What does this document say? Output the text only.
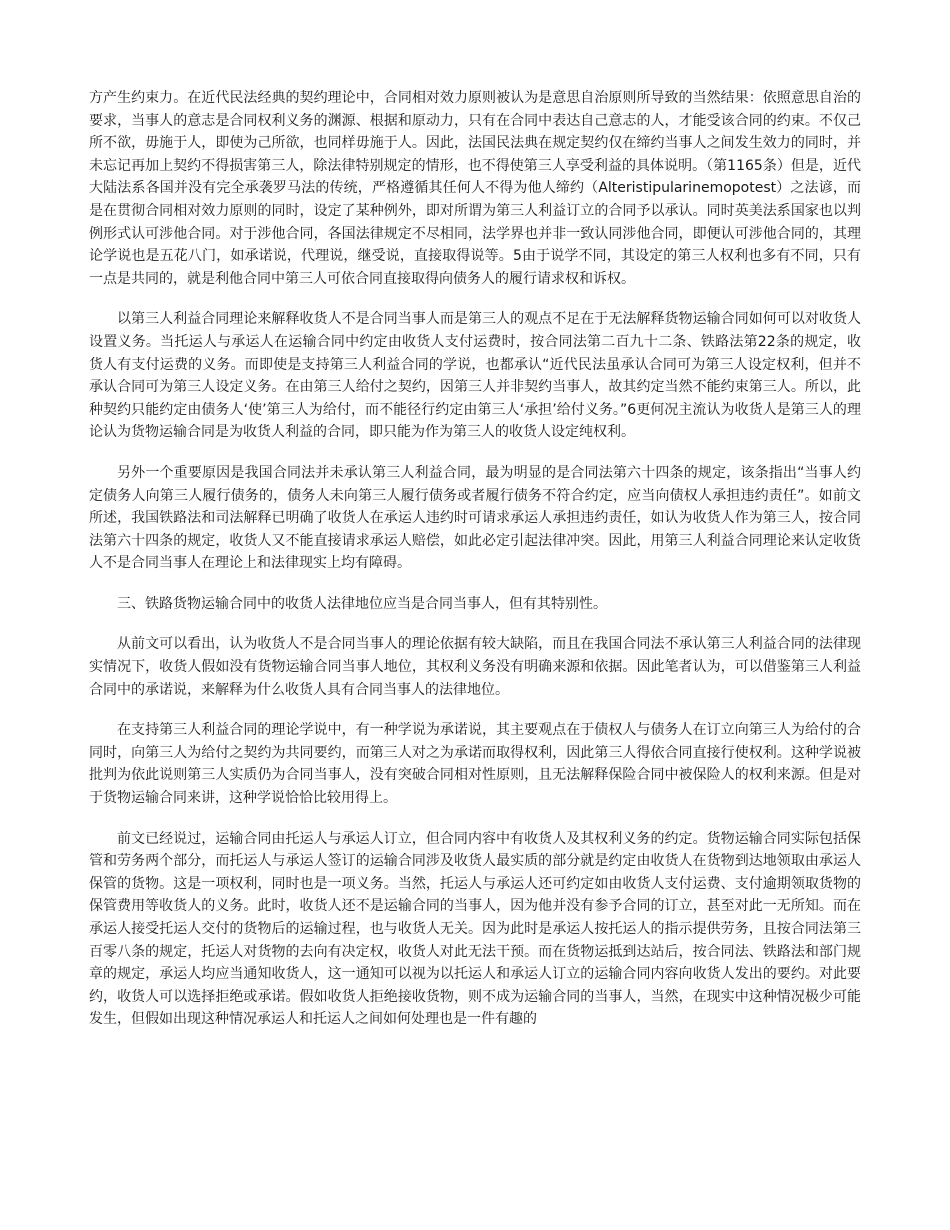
方产生约束力。在近代民法经典的契约理论中，合同相对效力原则被认为是意思自治原则所导致的当然结果：依照意思自治的要求，当事人的意志是合同权利义务的渊源、根据和原动力，只有在合同中表达自己意志的人，才能受该合同的约束。不仅己所不欲，毋施于人，即使为己所欲，也同样毋施于人。因此，法国民法典在规定契约仅在缔约当事人之间发生效力的同时，并未忘记再加上契约不得损害第三人，除法律特别规定的情形，也不得使第三人享受利益的具体说明。（第1165条）但是，近代大陆法系各国并没有完全承袭罗马法的传统，严格遵循其任何人不得为他人缔约（Alteristipularinemopotest）之法谚，而是在贯彻合同相对效力原则的同时，设定了某种例外，即对所谓为第三人利益订立的合同予以承认。同时英美法系国家也以判例形式认可涉他合同。对于涉他合同，各国法律规定不尽相同，法学界也并非一致认同涉他合同，即便认可涉他合同的，其理论学说也是五花八门，如承诺说，代理说，继受说，直接取得说等。5由于说学不同，其设定的第三人权利也多有不同，只有一点是共同的，就是利他合同中第三人可依合同直接取得向债务人的履行请求权和诉权。

以第三人利益合同理论来解释收货人不是合同当事人而是第三人的观点不足在于无法解释货物运输合同如何可以对收货人设置义务。当托运人与承运人在运输合同中约定由收货人支付运费时，按合同法第二百九十二条、铁路法第22条的规定，收货人有支付运费的义务。而即使是支持第三人利益合同的学说，也都承认“近代民法虽承认合同可为第三人设定权利，但并不承认合同可为第三人设定义务。在由第三人给付之契约，因第三人并非契约当事人，故其约定当然不能约束第三人。所以，此种契约只能约定由债务人‘使’第三人为给付，而不能径行约定由第三人‘承担’给付义务。”6更何况主流认为收货人是第三人的理论认为货物运输合同是为收货人利益的合同，即只能为作为第三人的收货人设定纯权利。

另外一个重要原因是我国合同法并未承认第三人利益合同，最为明显的是合同法第六十四条的规定，该条指出“当事人约定债务人向第三人履行债务的，债务人未向第三人履行债务或者履行债务不符合约定，应当向债权人承担违约责任”。如前文所述，我国铁路法和司法解释已明确了收货人在承运人违约时可请求承运人承担违约责任，如认为收货人作为第三人，按合同法第六十四条的规定，收货人又不能直接请求承运人赔偿，如此必定引起法律冲突。因此，用第三人利益合同理论来认定收货人不是合同当事人在理论上和法律现实上均有障碍。

三、铁路货物运输合同中的收货人法律地位应当是合同当事人，但有其特别性。

从前文可以看出，认为收货人不是合同当事人的理论依据有较大缺陷，而且在我国合同法不承认第三人利益合同的法律现实情况下，收货人假如没有货物运输合同当事人地位，其权利义务没有明确来源和依据。因此笔者认为，可以借鉴第三人利益合同中的承诺说，来解释为什么收货人具有合同当事人的法律地位。

在支持第三人利益合同的理论学说中，有一种学说为承诺说，其主要观点在于债权人与债务人在订立向第三人为给付的合同时，向第三人为给付之契约为共同要约，而第三人对之为承诺而取得权利，因此第三人得依合同直接行使权利。这种学说被批判为依此说则第三人实质仍为合同当事人，没有突破合同相对性原则，且无法解释保险合同中被保险人的权利来源。但是对于货物运输合同来讲，这种学说恰恰比较用得上。

前文已经说过，运输合同由托运人与承运人订立，但合同内容中有收货人及其权利义务的约定。货物运输合同实际包括保管和劳务两个部分，而托运人与承运人签订的运输合同涉及收货人最实质的部分就是约定由收货人在货物到达地领取由承运人保管的货物。这是一项权利，同时也是一项义务。当然，托运人与承运人还可约定如由收货人支付运费、支付逾期领取货物的保管费用等收货人的义务。此时，收货人还不是运输合同的当事人，因为他并没有参予合同的订立，甚至对此一无所知。而在承运人接受托运人交付的货物后的运输过程，也与收货人无关。因为此时是承运人按托运人的指示提供劳务，且按合同法第三百零八条的规定，托运人对货物的去向有决定权，收货人对此无法干预。而在货物运抵到达站后，按合同法、铁路法和部门规章的规定，承运人均应当通知收货人，这一通知可以视为以托运人和承运人订立的运输合同内容向收货人发出的要约。对此要约，收货人可以选择拒绝或承诺。假如收货人拒绝接收货物，则不成为运输合同的当事人，当然，在现实中这种情况极少可能发生，但假如出现这种情况承运人和托运人之间如何处理也是一件有趣的
